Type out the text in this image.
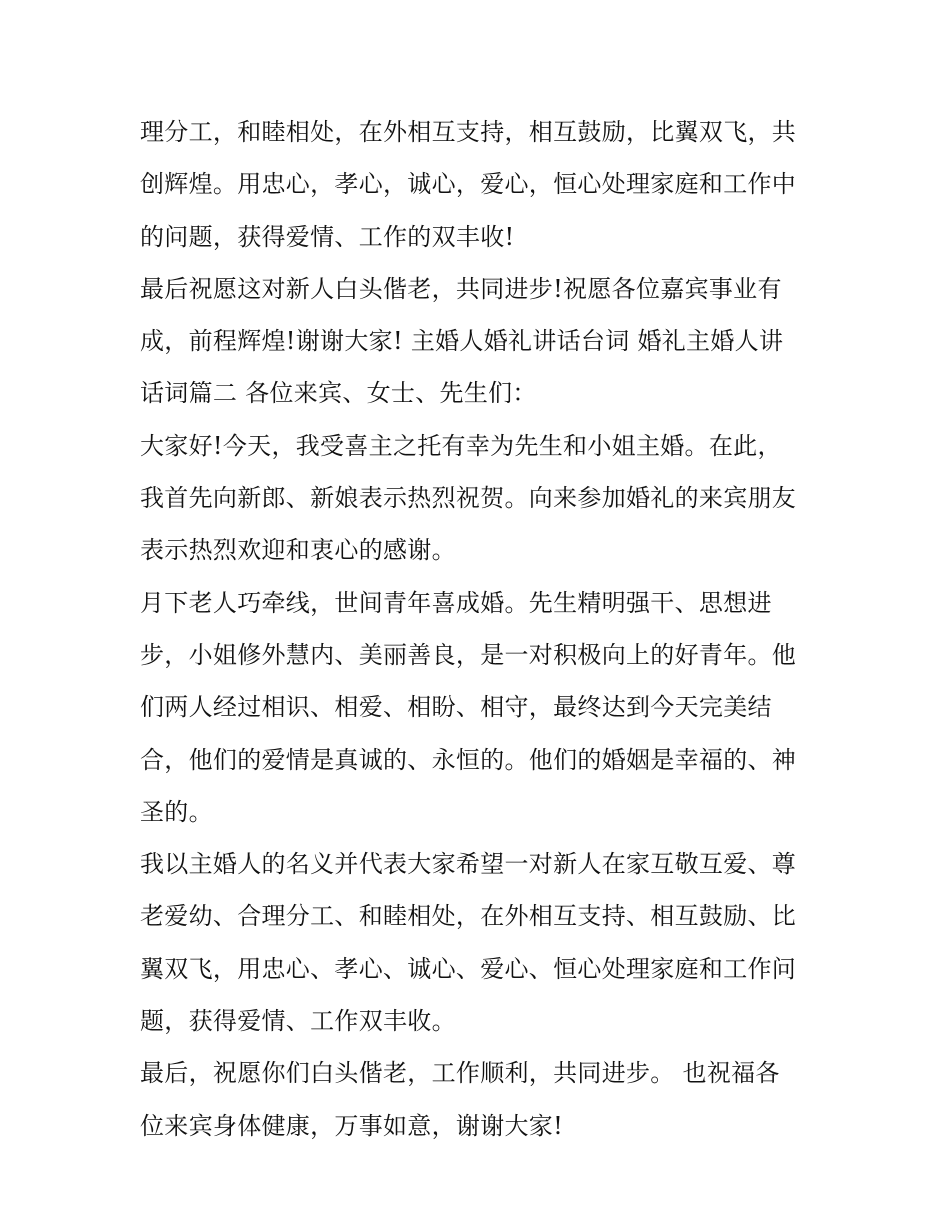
理分工，和睦相处，在外相互支持，相互鼓励，比翼双飞，共
创辉煌。用忠心，孝心，诚心，爱心，恒心处理家庭和工作中
的问题，获得爱情、工作的双丰收!
最后祝愿这对新人白头偕老，共同进步!祝愿各位嘉宾事业有
成，前程辉煌!谢谢大家! 主婚人婚礼讲话台词 婚礼主婚人讲
话词篇二 各位来宾、女士、先生们：
大家好!今天，我受喜主之托有幸为先生和小姐主婚。在此，
我首先向新郎、新娘表示热烈祝贺。向来参加婚礼的来宾朋友
表示热烈欢迎和衷心的感谢。
月下老人巧牵线，世间青年喜成婚。先生精明强干、思想进
步，小姐修外慧内、美丽善良，是一对积极向上的好青年。他
们两人经过相识、相爱、相盼、相守，最终达到今天完美结
合，他们的爱情是真诚的、永恒的。他们的婚姻是幸福的、神
圣的。
我以主婚人的名义并代表大家希望一对新人在家互敬互爱、尊
老爱幼、合理分工、和睦相处，在外相互支持、相互鼓励、比
翼双飞，用忠心、孝心、诚心、爱心、恒心处理家庭和工作问
题，获得爱情、工作双丰收。
最后，祝愿你们白头偕老，工作顺利，共同进步。 也祝福各
位来宾身体健康，万事如意，谢谢大家!
